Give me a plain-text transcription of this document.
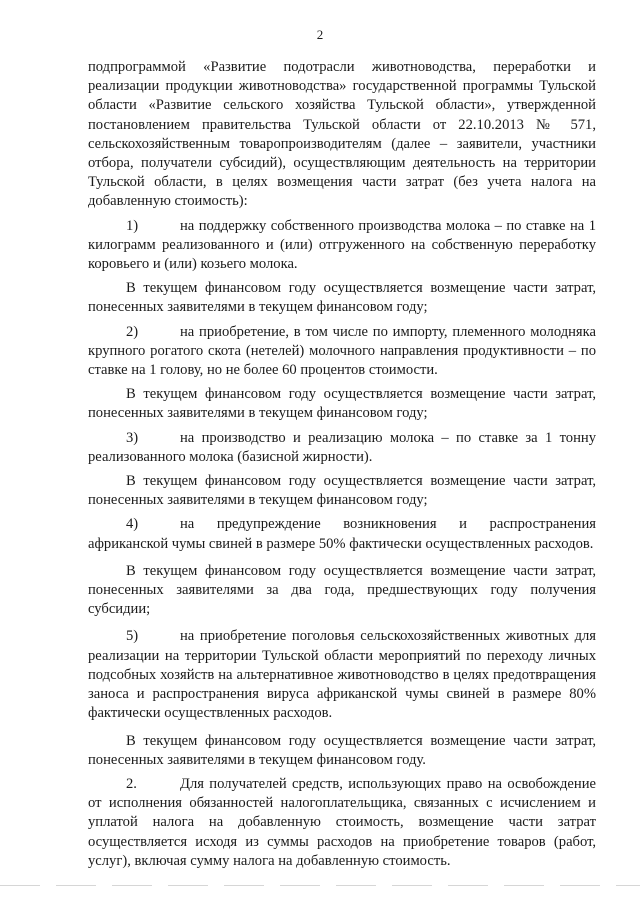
2

подпрограммой «Развитие подотрасли животноводства, переработки и реализации продукции животноводства» государственной программы Тульской области «Развитие сельского хозяйства Тульской области», утвержденной постановлением правительства Тульской области от 22.10.2013 № 571, сельскохозяйственным товаропроизводителям (далее – заявители, участники отбора, получатели субсидий), осуществляющим деятельность на территории Тульской области, в целях возмещения части затрат (без учета налога на добавленную стоимость):

1)	на поддержку собственного производства молока – по ставке на 1 килограмм реализованного и (или) отгруженного на собственную переработку коровьего и (или) козьего молока.

В текущем финансовом году осуществляется возмещение части затрат, понесенных заявителями в текущем финансовом году;

2)	на приобретение, в том числе по импорту, племенного молодняка крупного рогатого скота (нетелей) молочного направления продуктивности – по ставке на 1 голову, но не более 60 процентов стоимости.

В текущем финансовом году осуществляется возмещение части затрат, понесенных заявителями в текущем финансовом году;

3)	на производство и реализацию молока – по ставке за 1 тонну реализованного молока (базисной жирности).

В текущем финансовом году осуществляется возмещение части затрат, понесенных заявителями в текущем финансовом году;

4)	на предупреждение возникновения и распространения африканской чумы свиней в размере 50% фактически осуществленных расходов.

В текущем финансовом году осуществляется возмещение части затрат, понесенных заявителями за два года, предшествующих году получения субсидии;

5)	на приобретение поголовья сельскохозяйственных животных для реализации на территории Тульской области мероприятий по переходу личных подсобных хозяйств на альтернативное животноводство в целях предотвращения заноса и распространения вируса африканской чумы свиней в размере 80% фактически осуществленных расходов.

В текущем финансовом году осуществляется возмещение части затрат, понесенных заявителями в текущем финансовом году.

2.	Для получателей средств, использующих право на освобождение от исполнения обязанностей налогоплательщика, связанных с исчислением и уплатой налога на добавленную стоимость, возмещение части затрат осуществляется исходя из суммы расходов на приобретение товаров (работ, услуг), включая сумму налога на добавленную стоимость.
